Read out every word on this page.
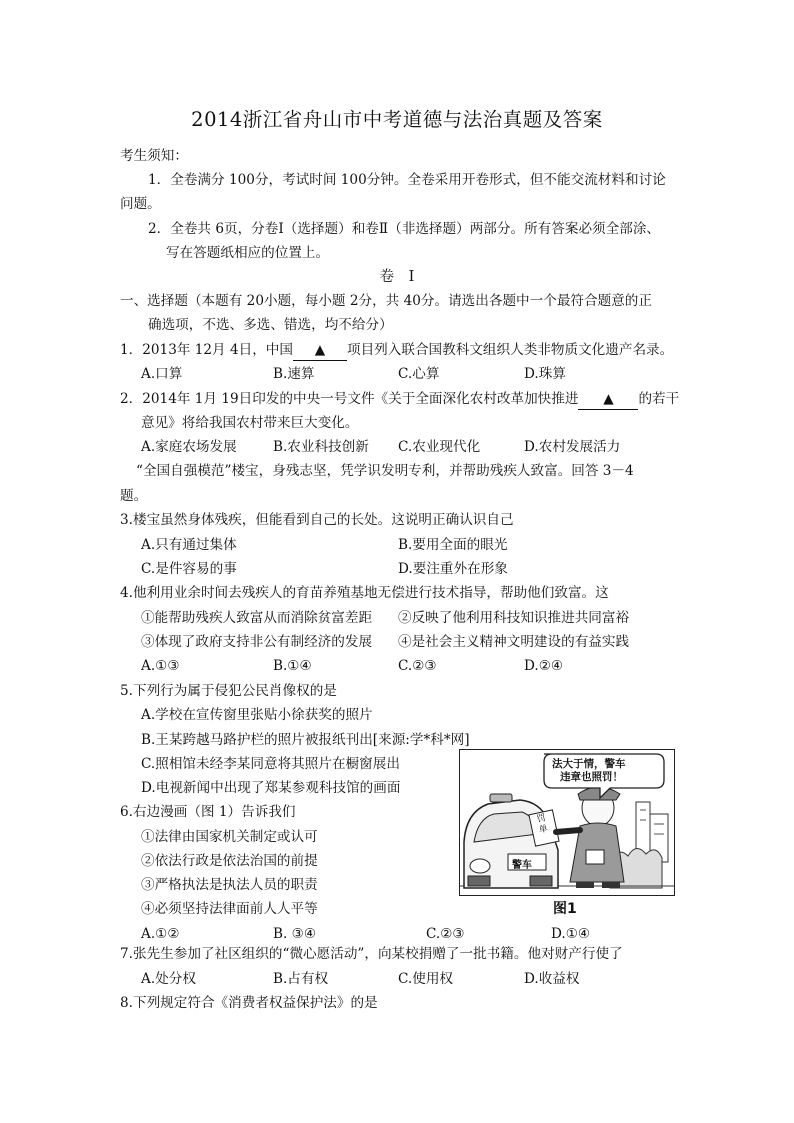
2014浙江省舟山市中考道德与法治真题及答案
考生须知：
1．全卷满分 100分，考试时间 100分钟。全卷采用开卷形式，但不能交流材料和讨论
问题。
2．全卷共 6页，分卷Ⅰ（选择题）和卷Ⅱ（非选择题）两部分。所有答案必须全部涂、
写在答题纸相应的位置上。
卷　Ⅰ
一、选择题（本题有 20小题，每小题 2分，共 40分。请选出各题中一个最符合题意的正
确选项，不选、多选、错选，均不给分）
1．2013年 12月 4日，中国 ▲ 项目列入联合国教科文组织人类非物质文化遗产名录。
A.口算	B.速算	C.心算	D.珠算
2．2014年 1月 19日印发的中央一号文件《关于全面深化农村改革加快推进 ▲ 的若干
意见》将给我国农村带来巨大变化。
A.家庭农场发展	B.农业科技创新 C.农业现代化	D.农村发展活力
“全国自强模范”楼宝，身残志坚，凭学识发明专利，并帮助残疾人致富。回答 3－4
题。
3.楼宝虽然身体残疾，但能看到自己的长处。这说明正确认识自己
A.只有通过集体	B.要用全面的眼光
C.是件容易的事	D.要注重外在形象
4.他利用业余时间去残疾人的育苗养殖基地无偿进行技术指导，帮助他们致富。这
①能帮助残疾人致富从而消除贫富差距 ②反映了他利用科技知识推进共同富裕
③体现了政府支持非公有制经济的发展 ④是社会主义精神文明建设的有益实践
A.①③	B.①④	C.②③	D.②④
5.下列行为属于侵犯公民肖像权的是
A.学校在宣传窗里张贴小徐获奖的照片
B.王某跨越马路护栏的照片被报纸刊出[来源:学*科*网]
C.照相馆未经李某同意将其照片在橱窗展出
D.电视新闻中出现了郑某参观科技馆的画面
6.右边漫画（图 1）告诉我们
①法律由国家机关制定或认可
②依法行政是依法治国的前提
③严格执法是执法人员的职责
④必须坚持法律面前人人平等
A.①②	B. ③④	C.②③	D.①④
法大于情，警车
违章也照罚！
罚
单
警车
图1
7.张先生参加了社区组织的“微心愿活动”，向某校捐赠了一批书籍。他对财产行使了
A.处分权	B.占有权	C.使用权	D.收益权
8.下列规定符合《消费者权益保护法》的是
